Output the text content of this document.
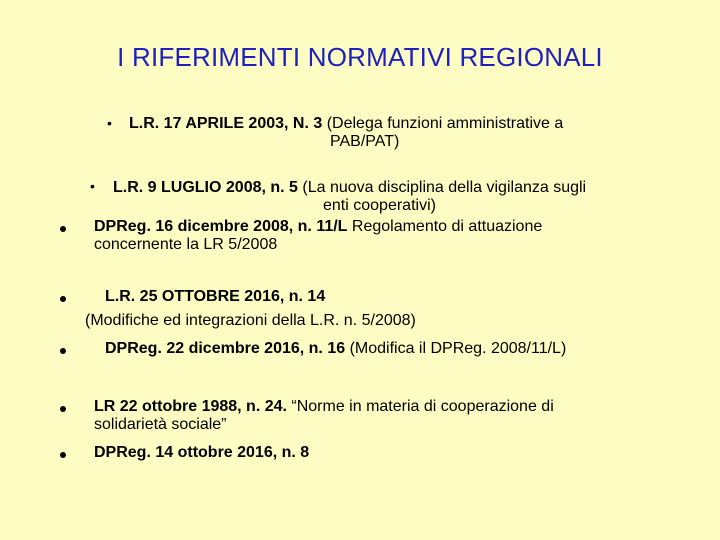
I RIFERIMENTI NORMATIVI REGIONALI
• L.R. 17 APRILE 2003, N. 3 (Delega funzioni amministrative a
PAB/PAT)
• L.R. 9 LUGLIO 2008, n. 5 (La nuova disciplina della vigilanza sugli
enti cooperativi)
DPReg. 16 dicembre 2008, n. 11/L Regolamento di attuazione
concernente la LR 5/2008
L.R. 25 OTTOBRE 2016, n. 14
(Modifiche ed integrazioni della L.R. n. 5/2008)
DPReg. 22 dicembre 2016, n. 16 (Modifica il DPReg. 2008/11/L)
LR 22 ottobre 1988, n. 24. “Norme in materia di cooperazione di
solidarietà sociale”
DPReg. 14 ottobre 2016, n. 8
